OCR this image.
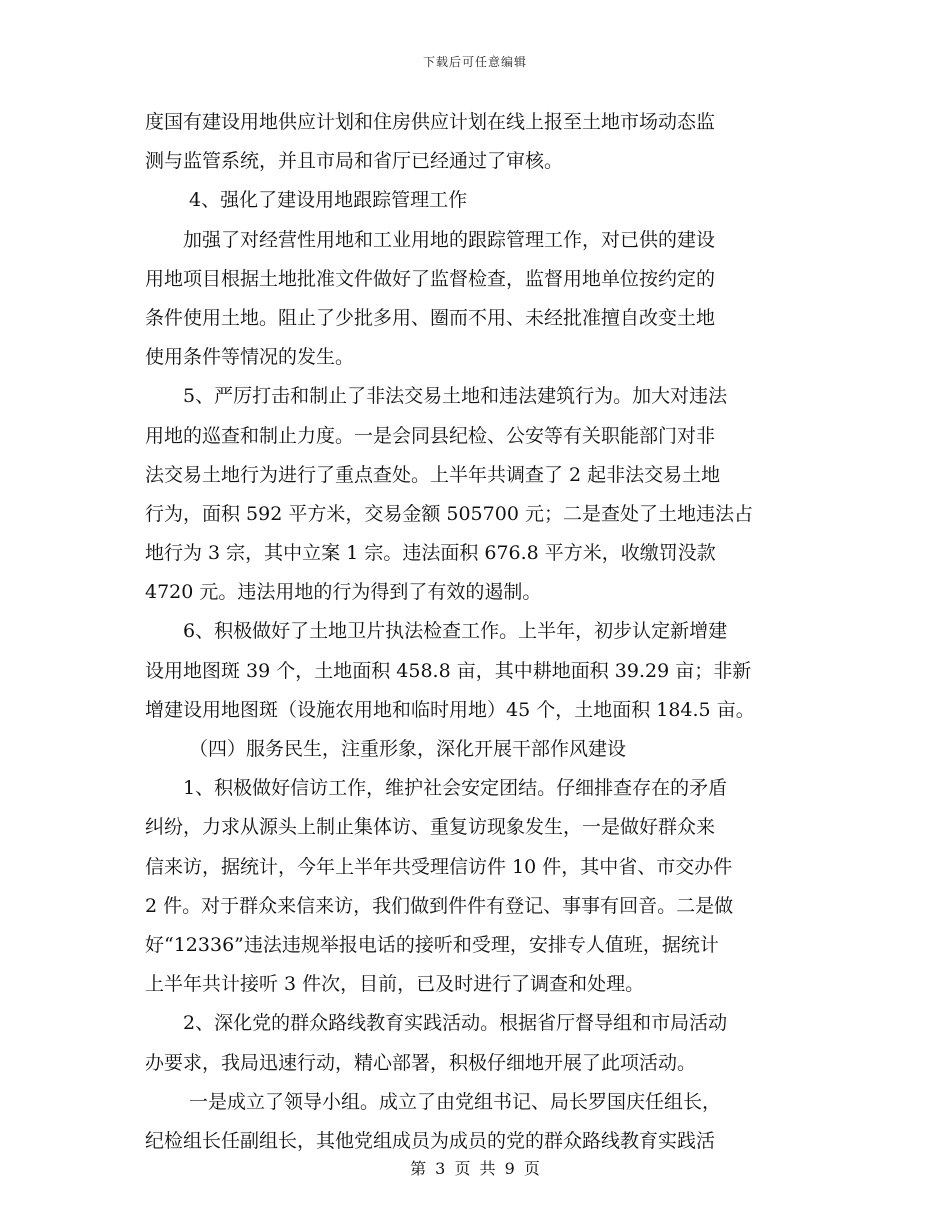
下载后可任意编辑
度国有建设用地供应计划和住房供应计划在线上报至土地市场动态监
测与监管系统，并且市局和省厅已经通过了审核。
4、强化了建设用地跟踪管理工作
加强了对经营性用地和工业用地的跟踪管理工作，对已供的建设
用地项目根据土地批准文件做好了监督检查，监督用地单位按约定的
条件使用土地。阻止了少批多用、圈而不用、未经批准擅自改变土地
使用条件等情况的发生。
5、严厉打击和制止了非法交易土地和违法建筑行为。加大对违法
用地的巡查和制止力度。一是会同县纪检、公安等有关职能部门对非
法交易土地行为进行了重点查处。上半年共调查了 2 起非法交易土地
行为，面积 592 平方米，交易金额 505700 元；二是查处了土地违法占
地行为 3 宗，其中立案 1 宗。违法面积 676.8 平方米，收缴罚没款
4720 元。违法用地的行为得到了有效的遏制。
6、积极做好了土地卫片执法检查工作。上半年，初步认定新增建
设用地图斑 39 个，土地面积 458.8 亩，其中耕地面积 39.29 亩；非新
增建设用地图斑（设施农用地和临时用地）45 个，土地面积 184.5 亩。
（四）服务民生，注重形象，深化开展干部作风建设
1、积极做好信访工作，维护社会安定团结。仔细排查存在的矛盾
纠纷，力求从源头上制止集体访、重复访现象发生，一是做好群众来
信来访，据统计，今年上半年共受理信访件 10 件，其中省、市交办件
2 件。对于群众来信来访，我们做到件件有登记、事事有回音。二是做
好“12336”违法违规举报电话的接听和受理，安排专人值班，据统计
上半年共计接听 3 件次，目前，已及时进行了调查和处理。
2、深化党的群众路线教育实践活动。根据省厅督导组和市局活动
办要求，我局迅速行动，精心部署，积极仔细地开展了此项活动。
一是成立了领导小组。成立了由党组书记、局长罗国庆任组长，
纪检组长任副组长，其他党组成员为成员的党的群众路线教育实践活
第 3 页 共 9 页
